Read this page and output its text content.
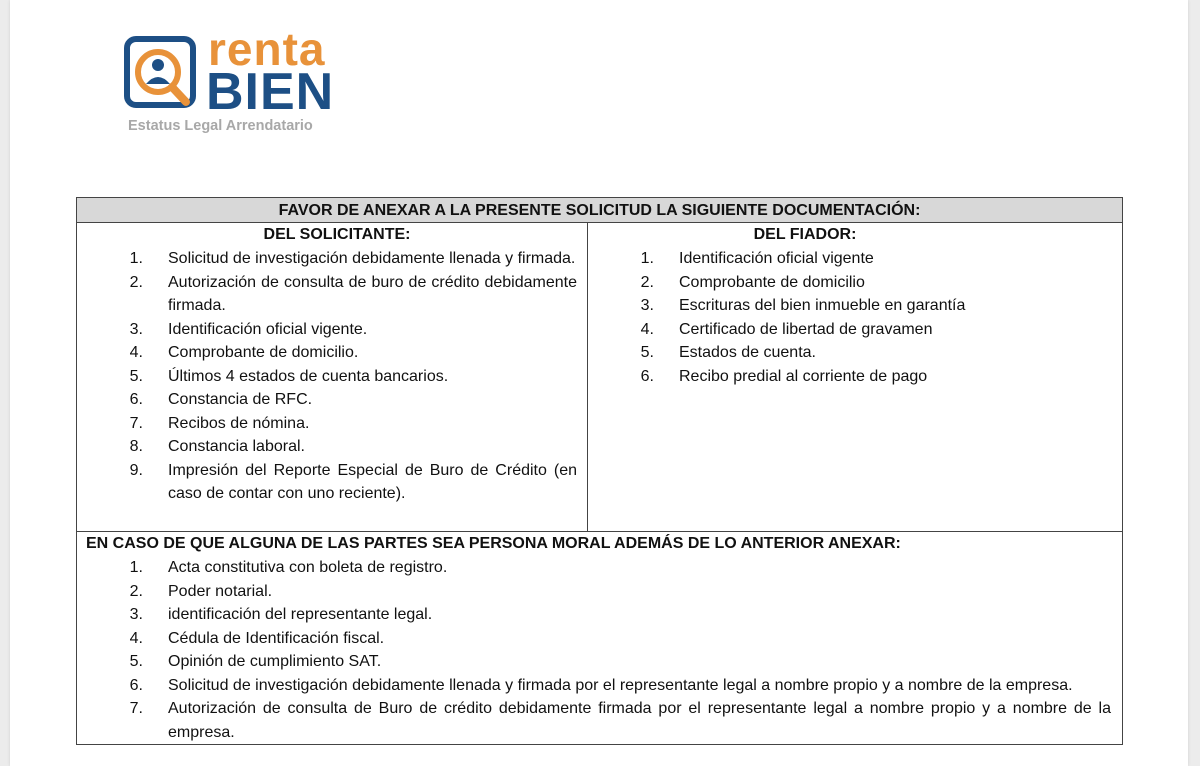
renta
BIEN
Estatus Legal Arrendatario
FAVOR DE ANEXAR A LA PRESENTE SOLICITUD LA SIGUIENTE DOCUMENTACIÓN:
DEL SOLICITANTE:
1. Solicitud de investigación debidamente llenada y firmada.
2. Autorización de consulta de buro de crédito debidamente firmada.
3. Identificación oficial vigente.
4. Comprobante de domicilio.
5. Últimos 4 estados de cuenta bancarios.
6. Constancia de RFC.
7. Recibos de nómina.
8. Constancia laboral.
9. Impresión del Reporte Especial de Buro de Crédito (en caso de contar con uno reciente).
DEL FIADOR:
1. Identificación oficial vigente
2. Comprobante de domicilio
3. Escrituras del bien inmueble en garantía
4. Certificado de libertad de gravamen
5. Estados de cuenta.
6. Recibo predial al corriente de pago
EN CASO DE QUE ALGUNA DE LAS PARTES SEA PERSONA MORAL ADEMÁS DE LO ANTERIOR ANEXAR:
1. Acta constitutiva con boleta de registro.
2. Poder notarial.
3. identificación del representante legal.
4. Cédula de Identificación fiscal.
5. Opinión de cumplimiento SAT.
6. Solicitud de investigación debidamente llenada y firmada por el representante legal a nombre propio y a nombre de la empresa.
7. Autorización de consulta de Buro de crédito debidamente firmada por el representante legal a nombre propio y a nombre de la empresa.
